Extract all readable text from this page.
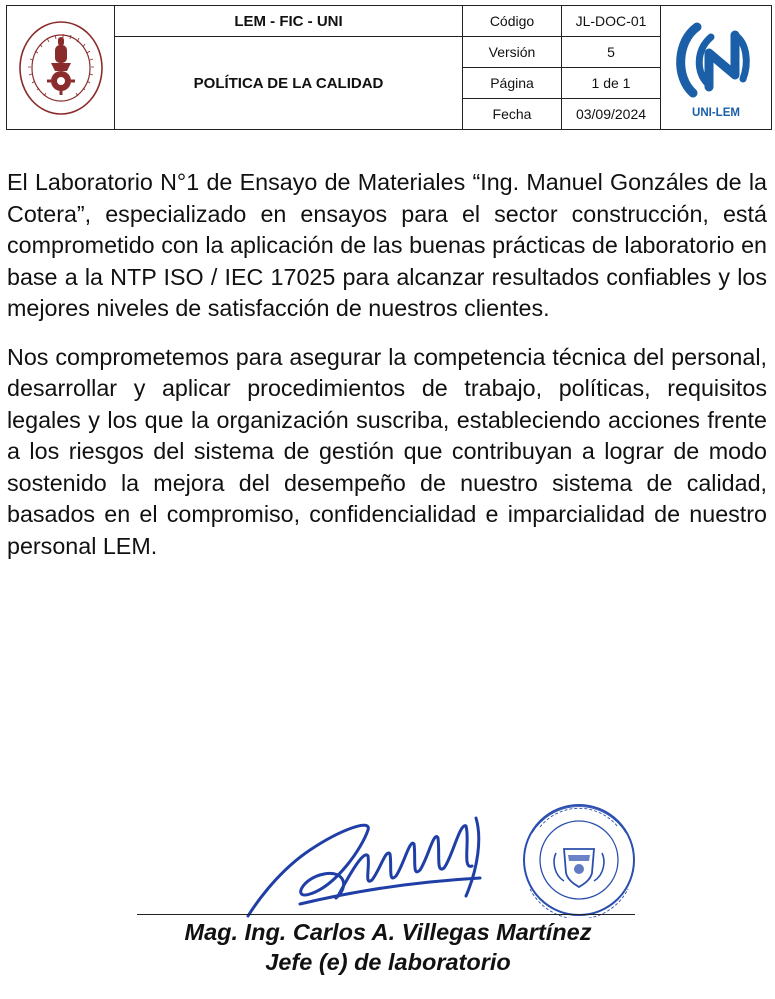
	LEM - FIC - UNI	Código	JL-DOC-01	UNI-LEM

	POLÍTICA DE LA CALIDAD	Versión	5	
		Página	1 de 1	
		Fecha	03/09/2024	

El Laboratorio N°1 de Ensayo de Materiales “Ing. Manuel Gonzáles de la Cotera”, especializado en ensayos para el sector construcción, está comprometido con la aplicación de las buenas prácticas de laboratorio en base a la NTP ISO / IEC 17025 para alcanzar resultados confiables y los mejores niveles de satisfacción de nuestros clientes.

Nos comprometemos para asegurar la competencia técnica del personal, desarrollar y aplicar procedimientos de trabajo, políticas, requisitos legales y los que la organización suscriba, estableciendo acciones frente a los riesgos del sistema de gestión que contribuyan a lograr de modo sostenido la mejora del desempeño de nuestro sistema de calidad, basados en el compromiso, confidencialidad e imparcialidad de nuestro personal LEM.

Mag. Ing. Carlos A. Villegas Martínez
Jefe (e) de laboratorio
